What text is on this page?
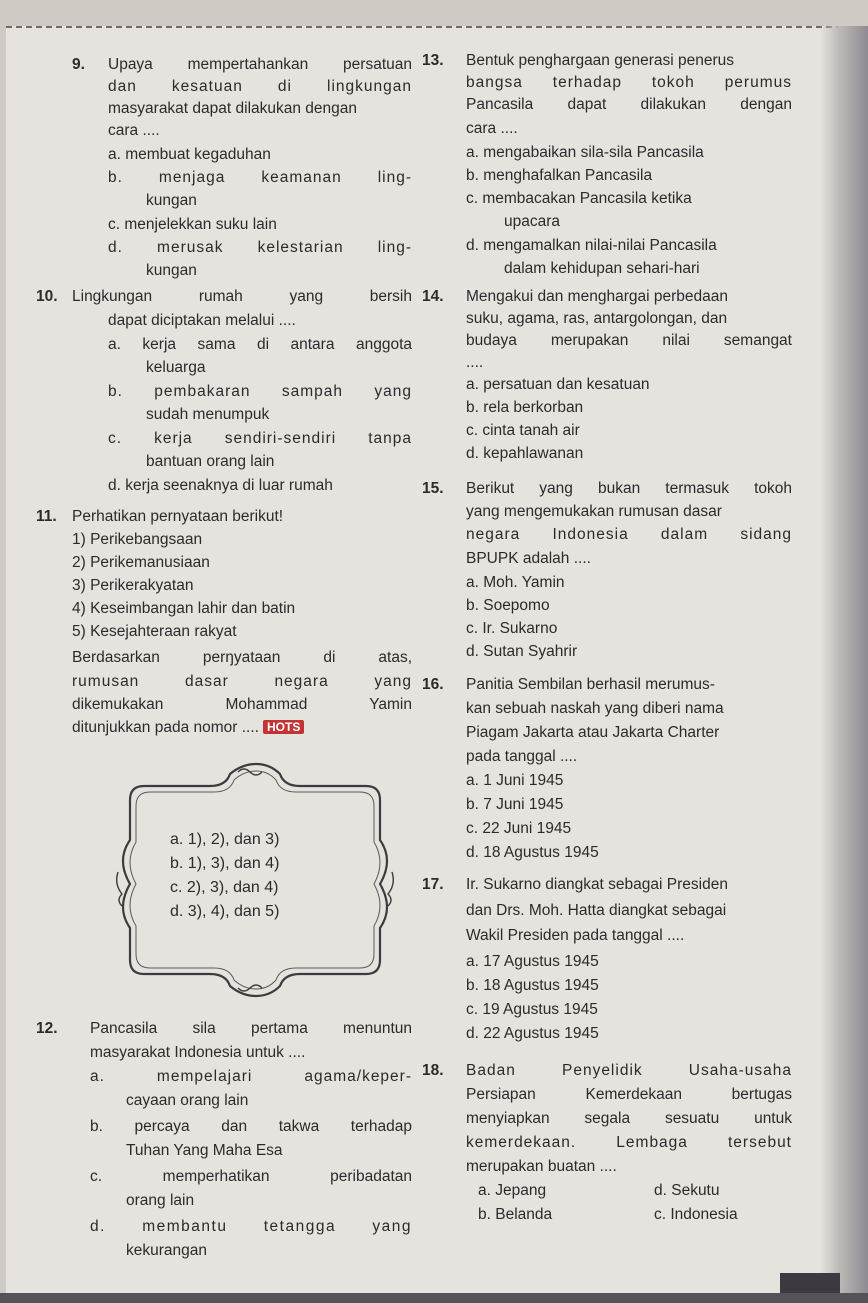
9. Upaya mempertahankan persatuan
dan kesatuan di lingkungan
masyarakat dapat dilakukan dengan
cara ....
a. membuat kegaduhan
b. menjaga keamanan ling-
kungan
c. menjelekkan suku lain
d. merusak kelestarian ling-
kungan
10. Lingkungan rumah yang bersih
dapat diciptakan melalui ....
a. kerja sama di antara anggota
keluarga
b. pembakaran sampah yang
sudah menumpuk
c. kerja sendiri-sendiri tanpa
bantuan orang lain
d. kerja seenaknya di luar rumah
11. Perhatikan pernyataan berikut!
1) Perikebangsaan
2) Perikemanusiaan
3) Perikerakyatan
4) Keseimbangan lahir dan batin
5) Kesejahteraan rakyat
Berdasarkan perŋyataan di atas,
rumusan dasar negara yang
dikemukakan Mohammad Yamin
ditunjukkan pada nomor .... HOTS
12. Pancasila sila pertama menuntun
masyarakat Indonesia untuk ....
a. mempelajari agama/keper-
cayaan orang lain
b. percaya dan takwa terhadap
Tuhan Yang Maha Esa
c. memperhatikan peribadatan
orang lain
d. membantu tetangga yang
kekurangan
a. 1), 2), dan 3)
b. 1), 3), dan 4)
c. 2), 3), dan 4)
d. 3), 4), dan 5)
13. Bentuk penghargaan generasi penerus
bangsa terhadap tokoh perumus
Pancasila dapat dilakukan dengan
cara ....
a. mengabaikan sila-sila Pancasila
b. menghafalkan Pancasila
c. membacakan Pancasila ketika
upacara
d. mengamalkan nilai-nilai Pancasila
dalam kehidupan sehari-hari
14. Mengakui dan menghargai perbedaan
suku, agama, ras, antargolongan, dan
budaya merupakan nilai semangat
....
a. persatuan dan kesatuan
b. rela berkorban
c. cinta tanah air
d. kepahlawanan
15. Berikut yang bukan termasuk tokoh
yang mengemukakan rumusan dasar
negara Indonesia dalam sidang
BPUPK adalah ....
a. Moh. Yamin
b. Soepomo
c. Ir. Sukarno
d. Sutan Syahrir
16. Panitia Sembilan berhasil merumus-
kan sebuah naskah yang diberi nama
Piagam Jakarta atau Jakarta Charter
pada tanggal ....
a. 1 Juni 1945
b. 7 Juni 1945
c. 22 Juni 1945
d. 18 Agustus 1945
17. Ir. Sukarno diangkat sebagai Presiden
dan Drs. Moh. Hatta diangkat sebagai
Wakil Presiden pada tanggal ....
a. 17 Agustus 1945
b. 18 Agustus 1945
c. 19 Agustus 1945
d. 22 Agustus 1945
18. Badan Penyelidik Usaha-usaha
Persiapan Kemerdekaan bertugas
menyiapkan segala sesuatu untuk
kemerdekaan. Lembaga tersebut
merupakan buatan ....
a. Jepang	d. Sekutu
b. Belanda	c. Indonesia
